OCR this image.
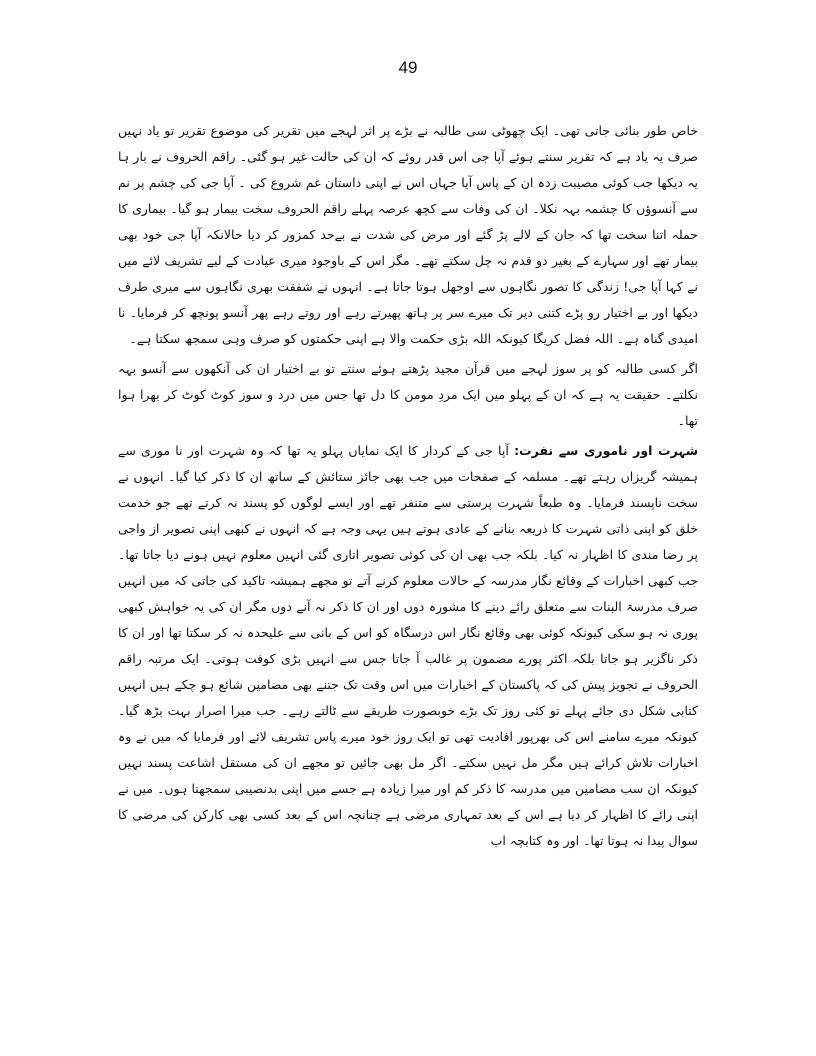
49

خاص طور بنائی جاتی تھی۔ ایک چھوٹی سی طالبہ نے بڑے پر اثر لہجے میں تقریر کی موضوع تقریر تو یاد نہیں صرف یہ یاد ہے کہ تقریر سنتے ہوئے آپا جی اس قدر روئے کہ ان کی حالت غیر ہو گئی۔ راقم الحروف نے بار ہا یہ دیکھا جب کوئی مصیبت زدہ ان کے پاس آیا جہاں اس نے اپنی داستان غم شروع کی ۔ آپا جی کی چشم پر نم سے آنسوؤں کا چشمہ بہہ نکلا۔ ان کی وفات سے کچھ عرصہ پہلے راقم الحروف سخت بیمار ہو گیا۔ بیماری کا حملہ اتنا سخت تھا کہ جان کے لالے پڑ گئے اور مرض کی شدت نے بےحد کمزور کر دیا حالانکہ آپا جی خود بھی بیمار تھے اور سہارے کے بغیر دو قدم نہ چل سکتے تھے۔ مگر اس کے باوجود میری عیادت کے لیے تشریف لائے میں نے کہا آپا جی! زندگی کا تصور نگاہوں سے اوجھل ہوتا جاتا ہے۔ انہوں نے شفقت بھری نگاہوں سے میری طرف دیکھا اور بے اختیار رو پڑے کتنی دیر تک میرے سر پر ہاتھ پھیرتے رہے اور روتے رہے پھر آنسو پونچھ کر فرمایا۔ نا امیدی گناہ ہے۔ اللہ فضل کریگا کیونکہ اللہ بڑی حکمت والا ہے اپنی حکمتوں کو صرف وہی سمجھ سکتا ہے۔

اگر کسی طالبہ کو پر سوز لہجے میں قرآن مجید پڑھتے ہوئے سنتے تو بے اختیار ان کی آنکھوں سے آنسو بہہ نکلتے۔ حقیقت یہ ہے کہ ان کے پہلو میں ایک مردِ مومن کا دل تھا جس میں درد و سوز کوٹ کوٹ کر بھرا ہوا تھا۔

شہرت اور ناموری سے نفرت: آپا جی کے کردار کا ایک نمایاں پہلو یہ تھا کہ وہ شہرت اور نا موری سے ہمیشہ گریزاں رہتے تھے۔ مسلمہ کے صفحات میں جب بھی جائز ستائش کے ساتھ ان کا ذکر کیا گیا۔ انہوں نے سخت ناپسند فرمایا۔ وہ طبعاً شہرت پرستی سے متنفر تھے اور ایسے لوگوں کو پسند نہ کرتے تھے جو خدمت خلق کو اپنی ذاتی شہرت کا ذریعہ بنانے کے عادی ہوتے ہیں یہی وجہ ہے کہ انہوں نے کبھی اپنی تصویر از واجی پر رضا مندی کا اظہار نہ کیا۔ بلکہ جب بھی ان کی کوئی تصویر اتاری گئی انہیں معلوم نہیں ہونے دیا جاتا تھا۔ جب کبھی اخبارات کے وقائع نگار مدرسہ کے حالات معلوم کرنے آتے تو مجھے ہمیشہ تاکید کی جاتی کہ میں انہیں صرف مدرسۃ البنات سے متعلق رائے دینے کا مشورہ دوں اور ان کا ذکر نہ آنے دوں مگر ان کی یہ خواہش کبھی پوری نہ ہو سکی کیونکہ کوئی بھی وقائع نگار اس درسگاہ کو اس کے بانی سے علیحدہ نہ کر سکتا تھا اور ان کا ذکر ناگزیر ہو جاتا بلکہ اکثر پورے مضمون پر غالب آ جاتا جس سے انہیں بڑی کوفت ہوتی۔ ایک مرتبہ راقم الحروف نے تجویز پیش کی کہ پاکستان کے اخبارات میں اس وقت تک جتنے بھی مضامین شائع ہو چکے ہیں انہیں کتابی شکل دی جائے پہلے تو کئی روز تک بڑے خوبصورت طریقے سے ٹالتے رہے۔ جب میرا اصرار بہت بڑھ گیا۔ کیونکہ میرے سامنے اس کی بھرپور افادیت تھی تو ایک روز خود میرے پاس تشریف لائے اور فرمایا کہ میں نے وہ اخبارات تلاش کرائے ہیں مگر مل نہیں سکتے۔ اگر مل بھی جائیں تو مجھے ان کی مستقل اشاعت پسند نہیں کیونکہ ان سب مضامین میں مدرسہ کا ذکر کم اور میرا زیادہ ہے جسے میں اپنی بدنصیبی سمجھتا ہوں۔ میں نے اپنی رائے کا اظہار کر دیا ہے اس کے بعد تمہاری مرضی ہے چنانچہ اس کے بعد کسی بھی کارکن کی مرضی کا سوال پیدا نہ ہوتا تھا۔ اور وہ کتابچہ اب
